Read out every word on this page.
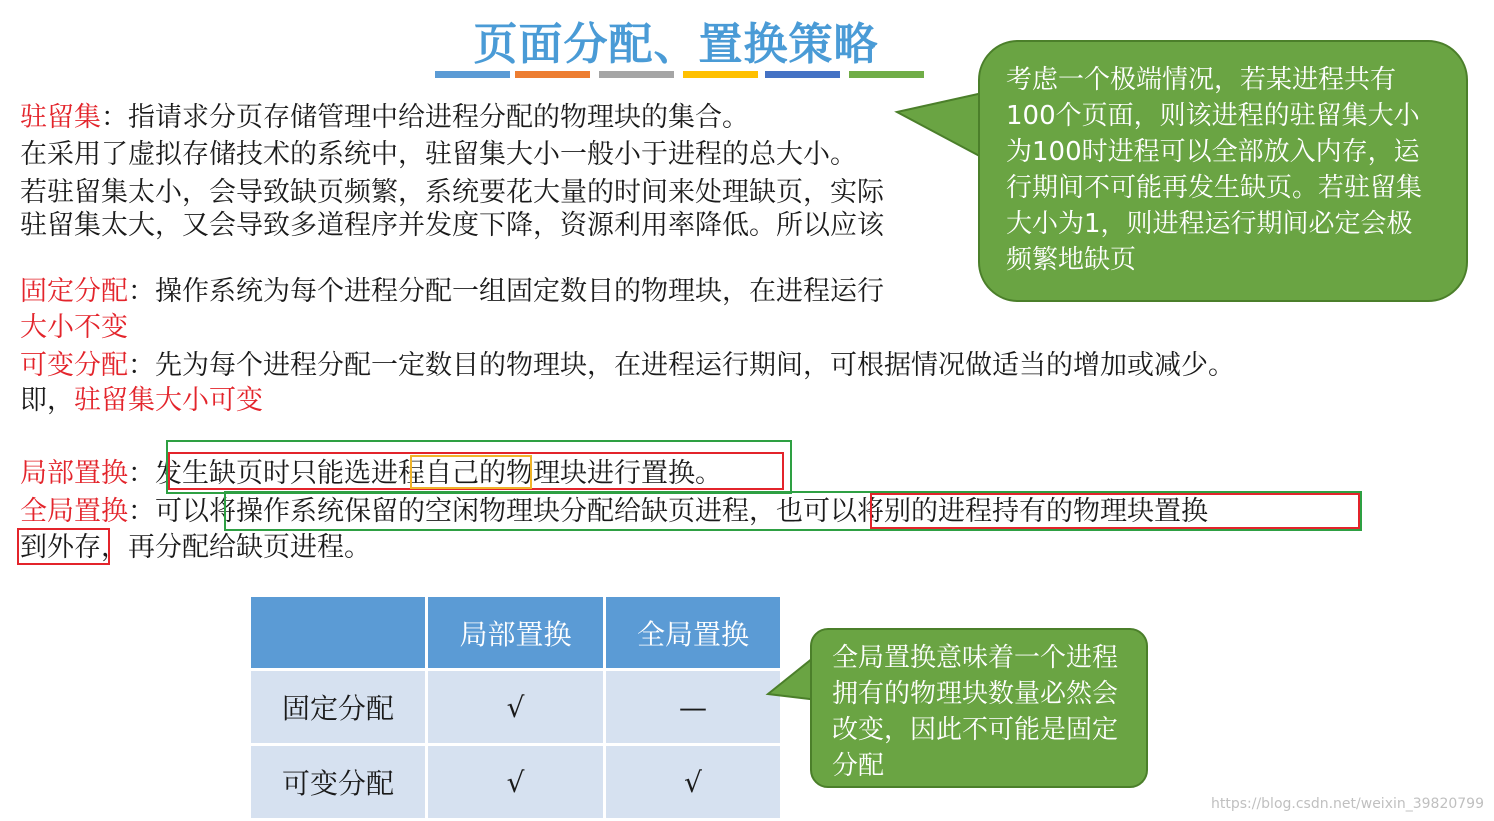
页面分配、置换策略
驻留集：指请求分页存储管理中给进程分配的物理块的集合。
在采用了虚拟存储技术的系统中，驻留集大小一般小于进程的总大小。
若驻留集太小，会导致缺页频繁，系统要花大量的时间来处理缺页，实际
驻留集太大，又会导致多道程序并发度下降，资源利用率降低。所以应该
固定分配：操作系统为每个进程分配一组固定数目的物理块，在进程运行
大小不变
可变分配：先为每个进程分配一定数目的物理块，在进程运行期间，可根据情况做适当的增加或减少。
即，驻留集大小可变
局部置换：发生缺页时只能选进程自己的物理块进行置换。
全局置换：可以将操作系统保留的空闲物理块分配给缺页进程，也可以将别的进程持有的物理块置换
到外存，再分配给缺页进程。
考虑一个极端情况，若某进程共有100个页面，则该进程的驻留集大小为100时进程可以全部放入内存，运行期间不可能再发生缺页。若驻留集大小为1，则进程运行期间必定会极频繁地缺页
	局部置换	全局置换
固定分配	√	—
可变分配	√	√
全局置换意味着一个进程拥有的物理块数量必然会改变，因此不可能是固定分配
https://blog.csdn.net/weixin_39820799
